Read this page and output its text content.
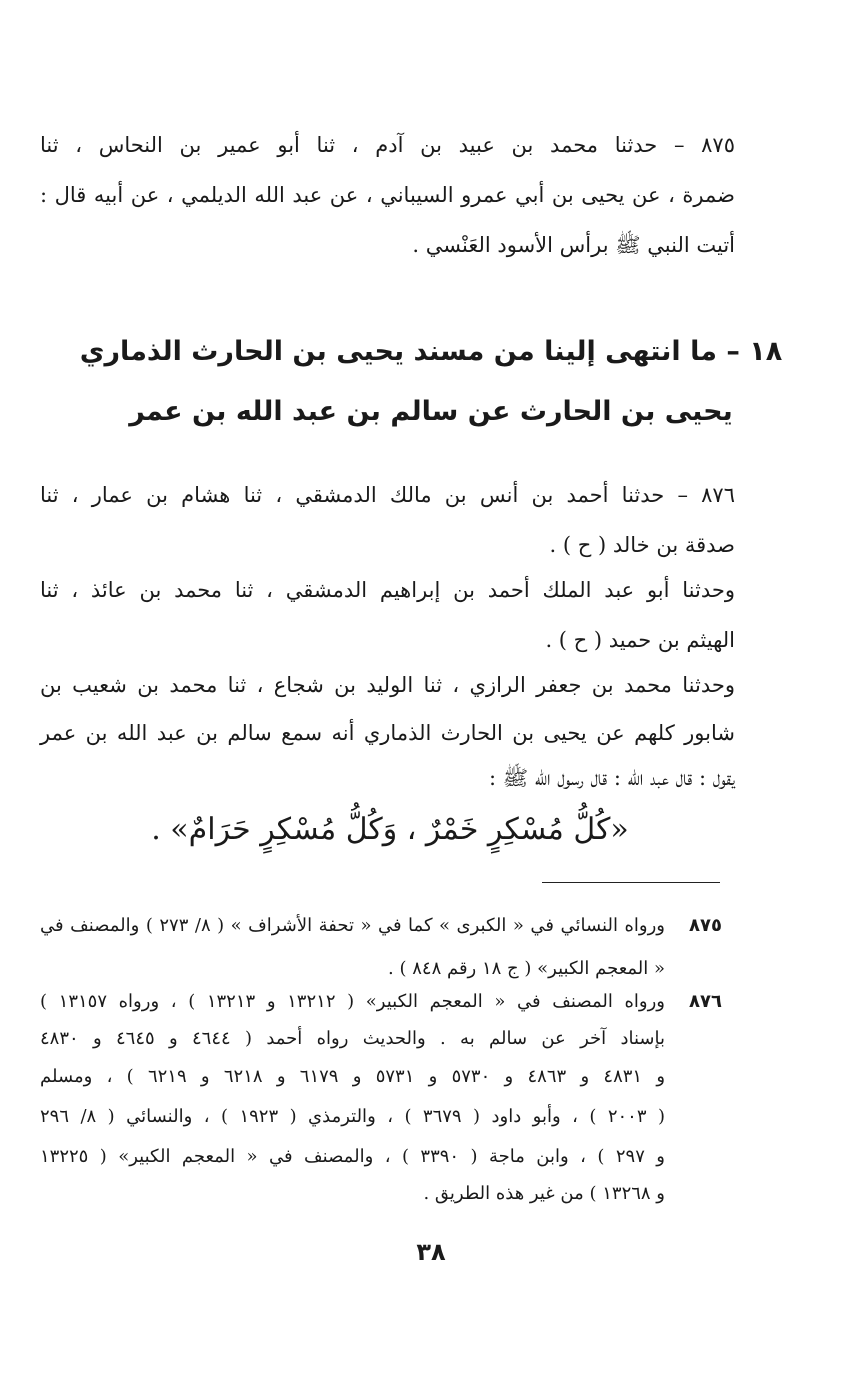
٨٧٥ – حدثنا محمد بن عبيد بن آدم ، ثنا أبو عمير بن النحاس ، ثنا
ضمرة ، عن يحيى بن أبي عمرو السيباني ، عن عبد الله الديلمي ، عن أبيه قال :
أتيت النبي ﷺ برأس الأسود العَنْسي .
١٨ – ما انتهى إلينا من مسند يحيى بن الحارث الذماري
يحيى بن الحارث عن سالم بن عبد الله بن عمر
٨٧٦ – حدثنا أحمد بن أنس بن مالك الدمشقي ، ثنا هشام بن عمار ، ثنا
صدقة بن خالد ( ح ) .
وحدثنا أبو عبد الملك أحمد بن إبراهيم الدمشقي ، ثنا محمد بن عائذ ، ثنا
الهيثم بن حميد ( ح ) .
وحدثنا محمد بن جعفر الرازي ، ثنا الوليد بن شجاع ، ثنا محمد بن شعيب بن
شابور كلهم عن يحيى بن الحارث الذماري أنه سمع سالم بن عبد الله بن عمر
يقول : قال عبد الله : قال رسول الله ﷺ :
«كُلُّ مُسْكِرٍ خَمْرٌ ، وَكُلُّ مُسْكِرٍ حَرَامٌ» .
٨٧٥
ورواه النسائي في « الكبرى » كما في « تحفة الأشراف » ( ٨/ ٢٧٣ ) والمصنف في
« المعجم الكبير» ( ج ١٨ رقم ٨٤٨ ) .
٨٧٦
ورواه المصنف في « المعجم الكبير» ( ١٣٢١٢ و ١٣٢١٣ ) ، ورواه ١٣١٥٧ )
بإسناد آخر عن سالم به . والحديث رواه أحمد ( ٤٦٤٤ و ٤٦٤٥ و ٤٨٣٠
و ٤٨٣١ و ٤٨٦٣ و ٥٧٣٠ و ٥٧٣١ و ٦١٧٩ و ٦٢١٨ و ٦٢١٩ ) ، ومسلم
( ٢٠٠٣ ) ، وأبو داود ( ٣٦٧٩ ) ، والترمذي ( ١٩٢٣ ) ، والنسائي ( ٨/ ٢٩٦
و ٢٩٧ ) ، وابن ماجة ( ٣٣٩٠ ) ، والمصنف في « المعجم الكبير» ( ١٣٢٢٥
و ١٣٢٦٨ ) من غير هذه الطريق .
٣٨
